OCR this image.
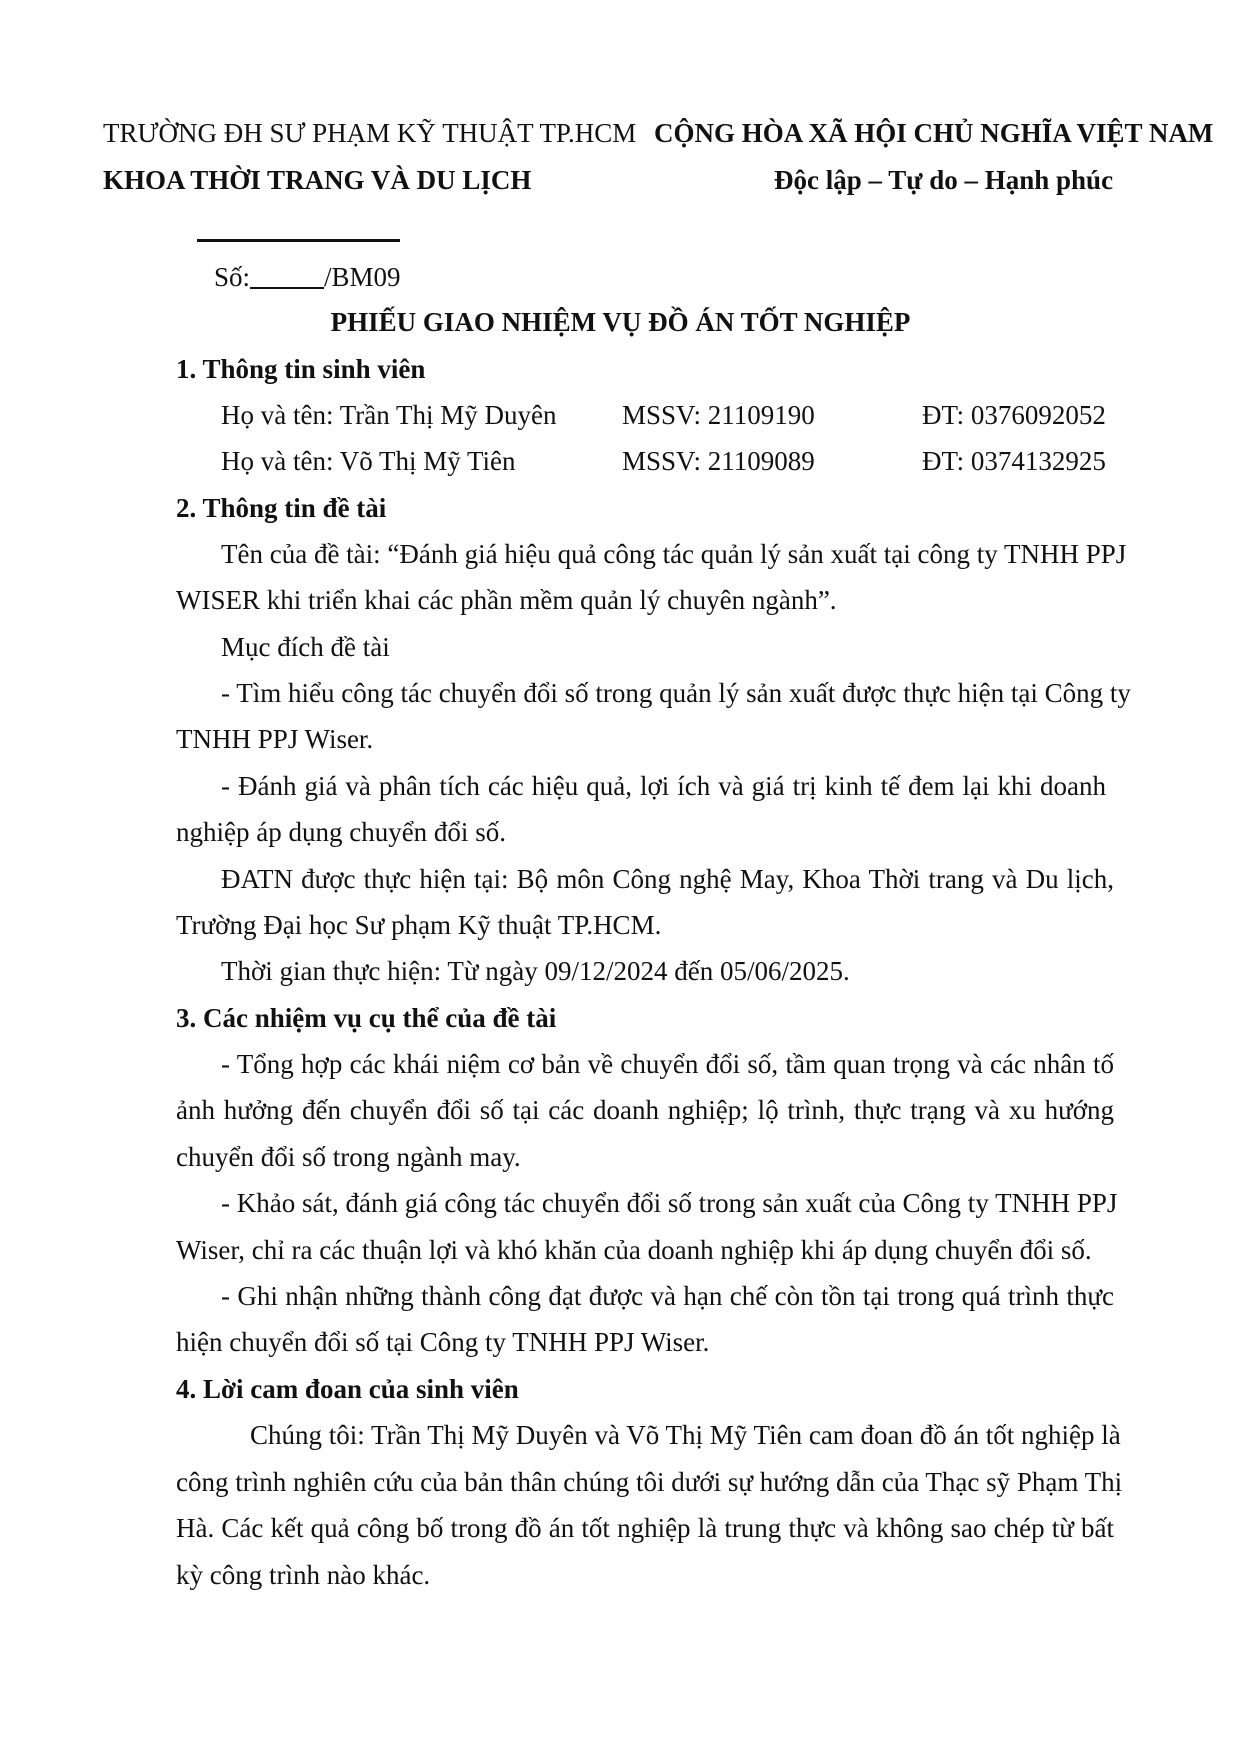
TRƯỜNG ĐH SƯ PHẠM KỸ THUẬT TP.HCM CỘNG HÒA XÃ HỘI CHỦ NGHĨA VIỆT NAM
KHOA THỜI TRANG VÀ DU LỊCH	Độc lập – Tự do – Hạnh phúc
Số:	/BM09
PHIẾU GIAO NHIỆM VỤ ĐỒ ÁN TỐT NGHIỆP
1. Thông tin sinh viên
Họ và tên: Trần Thị Mỹ Duyên MSSV: 21109190	ĐT: 0376092052
Họ và tên: Võ Thị Mỹ Tiên	MSSV: 21109089	ĐT: 0374132925
2. Thông tin đề tài
Tên của đề tài: “Đánh giá hiệu quả công tác quản lý sản xuất tại công ty TNHH PPJ
WISER khi triển khai các phần mềm quản lý chuyên ngành”.
Mục đích đề tài
- Tìm hiểu công tác chuyển đổi số trong quản lý sản xuất được thực hiện tại Công ty
TNHH PPJ Wiser.
- Đánh giá và phân tích các hiệu quả, lợi ích và giá trị kinh tế đem lại khi doanh
nghiệp áp dụng chuyển đổi số.
ĐATN được thực hiện tại: Bộ môn Công nghệ May, Khoa Thời trang và Du lịch,
Trường Đại học Sư phạm Kỹ thuật TP.HCM.
Thời gian thực hiện: Từ ngày 09/12/2024 đến 05/06/2025.
3. Các nhiệm vụ cụ thể của đề tài
- Tổng hợp các khái niệm cơ bản về chuyển đổi số, tầm quan trọng và các nhân tố
ảnh hưởng đến chuyển đổi số tại các doanh nghiệp; lộ trình, thực trạng và xu hướng
chuyển đổi số trong ngành may.
- Khảo sát, đánh giá công tác chuyển đổi số trong sản xuất của Công ty TNHH PPJ
Wiser, chỉ ra các thuận lợi và khó khăn của doanh nghiệp khi áp dụng chuyển đổi số.
- Ghi nhận những thành công đạt được và hạn chế còn tồn tại trong quá trình thực
hiện chuyển đổi số tại Công ty TNHH PPJ Wiser.
4. Lời cam đoan của sinh viên
Chúng tôi: Trần Thị Mỹ Duyên và Võ Thị Mỹ Tiên cam đoan đồ án tốt nghiệp là
công trình nghiên cứu của bản thân chúng tôi dưới sự hướng dẫn của Thạc sỹ Phạm Thị
Hà. Các kết quả công bố trong đồ án tốt nghiệp là trung thực và không sao chép từ bất
kỳ công trình nào khác.
